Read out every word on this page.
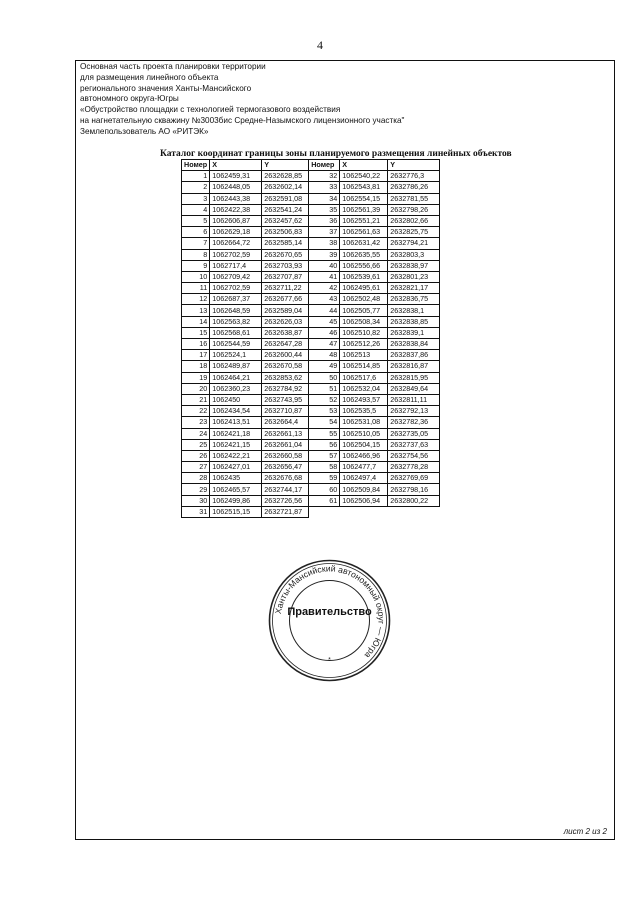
4
Основная часть проекта планировки территории
для размещения линейного объекта
регионального значения Ханты-Мансийского
автономного округа-Югры
«Обустройство площадки с технологией термогазового воздействия
на нагнетательную скважину №3003бис Средне-Назымского лицензионного участка"
Землепользователь АО «РИТЭК»
Каталог координат границы зоны планируемого размещения линейных объектов
Номер	X	Y	Номер	X	Y
1	1062459,31	2632628,85	32	1062540,22	2632776,3
2	1062448,05	2632602,14	33	1062543,81	2632786,26
3	1062443,38	2632591,08	34	1062554,15	2632781,55
4	1062422,38	2632541,24	35	1062561,39	2632798,26
5	1062606,87	2632457,62	36	1062551,21	2632802,66
6	1062629,18	2632506,83	37	1062561,63	2632825,75
7	1062664,72	2632585,14	38	1062631,42	2632794,21
8	1062702,59	2632670,65	39	1062635,55	2632803,3
9	1062717,4	2632703,93	40	1062556,66	2632838,97
10	1062709,42	2632707,87	41	1062539,61	2632801,23
11	1062702,59	2632711,22	42	1062495,61	2632821,17
12	1062687,37	2632677,66	43	1062502,48	2632836,75
13	1062648,59	2632589,04	44	1062505,77	2632838,1
14	1062563,82	2632626,03	45	1062508,34	2632838,85
15	1062568,61	2632638,87	46	1062510,82	2632839,1
16	1062544,59	2632647,28	47	1062512,26	2632838,84
17	1062524,1	2632600,44	48	1062513	2632837,86
18	1062489,87	2632670,58	49	1062514,85	2632816,87
19	1062464,21	2632853,62	50	1062517,6	2632815,95
20	1062360,23	2632784,92	51	1062532,04	2632849,64
21	1062450	2632743,95	52	1062493,57	2632811,11
22	1062434,54	2632710,87	53	1062535,5	2632792,13
23	1062413,51	2632664,4	54	1062531,08	2632782,36
24	1062421,18	2632661,13	55	1062510,05	2632735,05
25	1062421,15	2632661,04	56	1062504,15	2632737,63
26	1062422,21	2632660,58	57	1062466,96	2632754,56
27	1062427,01	2632656,47	58	1062477,7	2632778,28
28	1062435	2632676,68	59	1062497,4	2632769,69
29	1062465,57	2632744,17	60	1062509,84	2632798,16
30	1062499,86	2632726,56	61	1062506,94	2632800,22
31	1062515,15	2632721,87			
Ханты-Мансийский автономный округ — Югра
Правительство
*
лист 2 из 2
